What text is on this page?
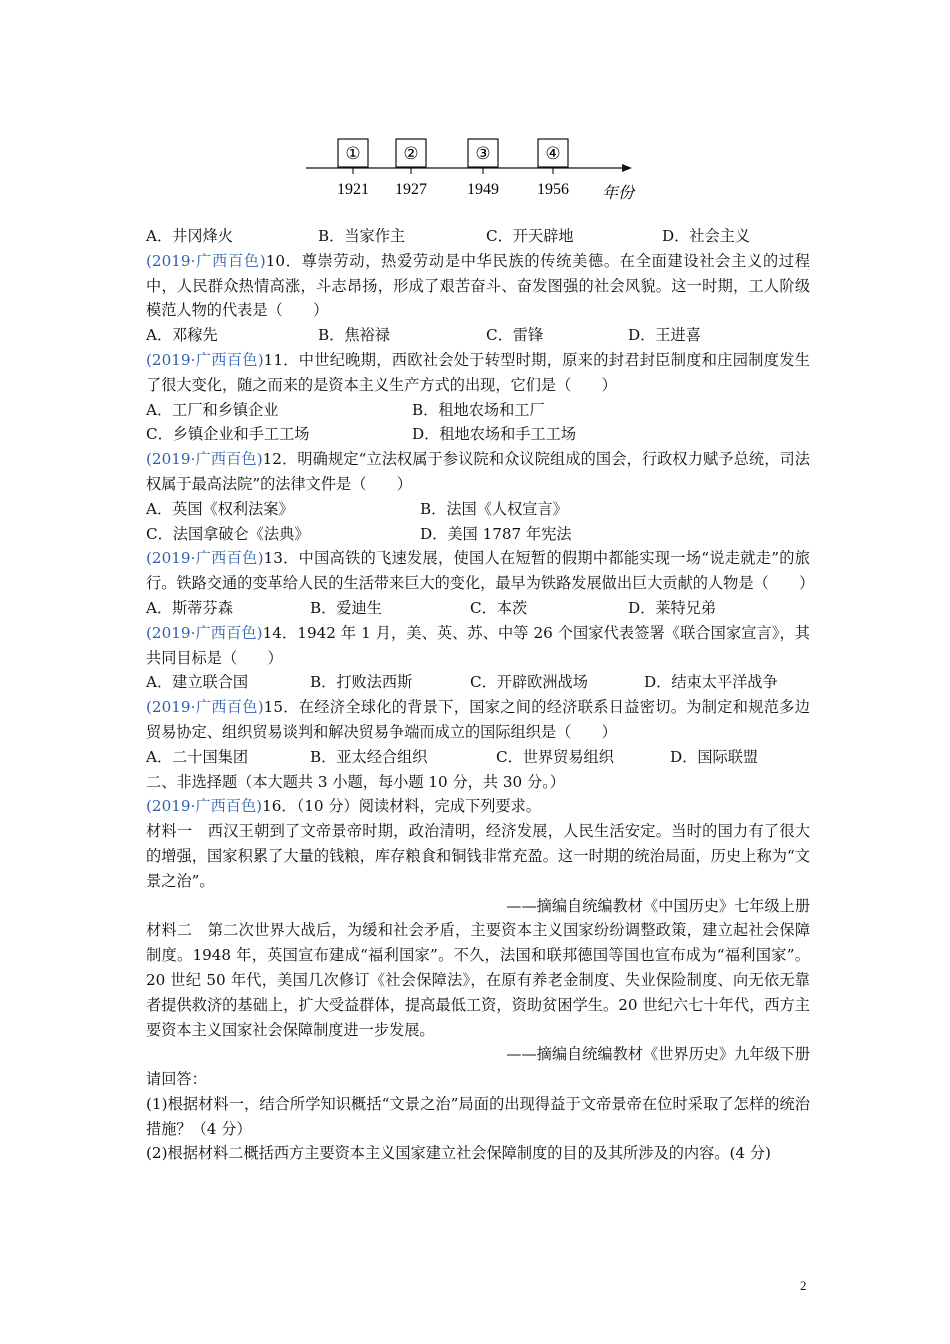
①	②	③	④
1921 1927	1949 1956 年份
A．井冈烽火	B．当家作主	C．开天辟地	D．社会主义
(2019·广西百色)10．尊崇劳动，热爱劳动是中华民族的传统美德。在全面建设社会主义的过程中，人民群众热情高涨，斗志昂扬，形成了艰苦奋斗、奋发图强的社会风貌。这一时期，工人阶级模范人物的代表是（　　）
A．邓稼先	B．焦裕禄	C．雷锋	D．王进喜
(2019·广西百色)11．中世纪晚期，西欧社会处于转型时期，原来的封君封臣制度和庄园制度发生了很大变化，随之而来的是资本主义生产方式的出现，它们是（　　）
A．工厂和乡镇企业	B．租地农场和工厂
C．乡镇企业和手工工场	D．租地农场和手工工场
(2019·广西百色)12．明确规定“立法权属于参议院和众议院组成的国会，行政权力赋予总统，司法权属于最高法院”的法律文件是（　　）
A．英国《权利法案》	B．法国《人权宣言》
C．法国拿破仑《法典》	D．美国 1787 年宪法
(2019·广西百色)13．中国高铁的飞速发展，使国人在短暂的假期中都能实现一场“说走就走”的旅行。铁路交通的变革给人民的生活带来巨大的变化，最早为铁路发展做出巨大贡献的人物是（　　）
A．斯蒂芬森	B．爱迪生	C．本茨	D．莱特兄弟
(2019·广西百色)14．1942 年 1 月，美、英、苏、中等 26 个国家代表签署《联合国家宣言》，其共同目标是（　　）
A．建立联合国	B．打败法西斯	C．开辟欧洲战场	D．结束太平洋战争
(2019·广西百色)15．在经济全球化的背景下，国家之间的经济联系日益密切。为制定和规范多边贸易协定、组织贸易谈判和解决贸易争端而成立的国际组织是（　　）
A．二十国集团	B．亚太经合组织	C．世界贸易组织	D．国际联盟
二、非选择题（本大题共 3 小题，每小题 10 分，共 30 分。）
(2019·广西百色)16．（10 分）阅读材料，完成下列要求。
材料一　西汉王朝到了文帝景帝时期，政治清明，经济发展，人民生活安定。当时的国力有了很大的增强，国家积累了大量的钱粮，库存粮食和铜钱非常充盈。这一时期的统治局面，历史上称为“文景之治”。
——摘编自统编教材《中国历史》七年级上册
材料二　第二次世界大战后，为缓和社会矛盾，主要资本主义国家纷纷调整政策，建立起社会保障制度。1948 年，英国宣布建成“福利国家”。不久，法国和联邦德国等国也宣布成为“福利国家”。20 世纪 50 年代，美国几次修订《社会保障法》，在原有养老金制度、失业保险制度、向无依无靠者提供救济的基础上，扩大受益群体，提高最低工资，资助贫困学生。20 世纪六七十年代，西方主要资本主义国家社会保障制度进一步发展。
——摘编自统编教材《世界历史》九年级下册
请回答：
(1)根据材料一，结合所学知识概括“文景之治”局面的出现得益于文帝景帝在位时采取了怎样的统治措施？（4 分）
(2)根据材料二概括西方主要资本主义国家建立社会保障制度的目的及其所涉及的内容。(4 分)
2
